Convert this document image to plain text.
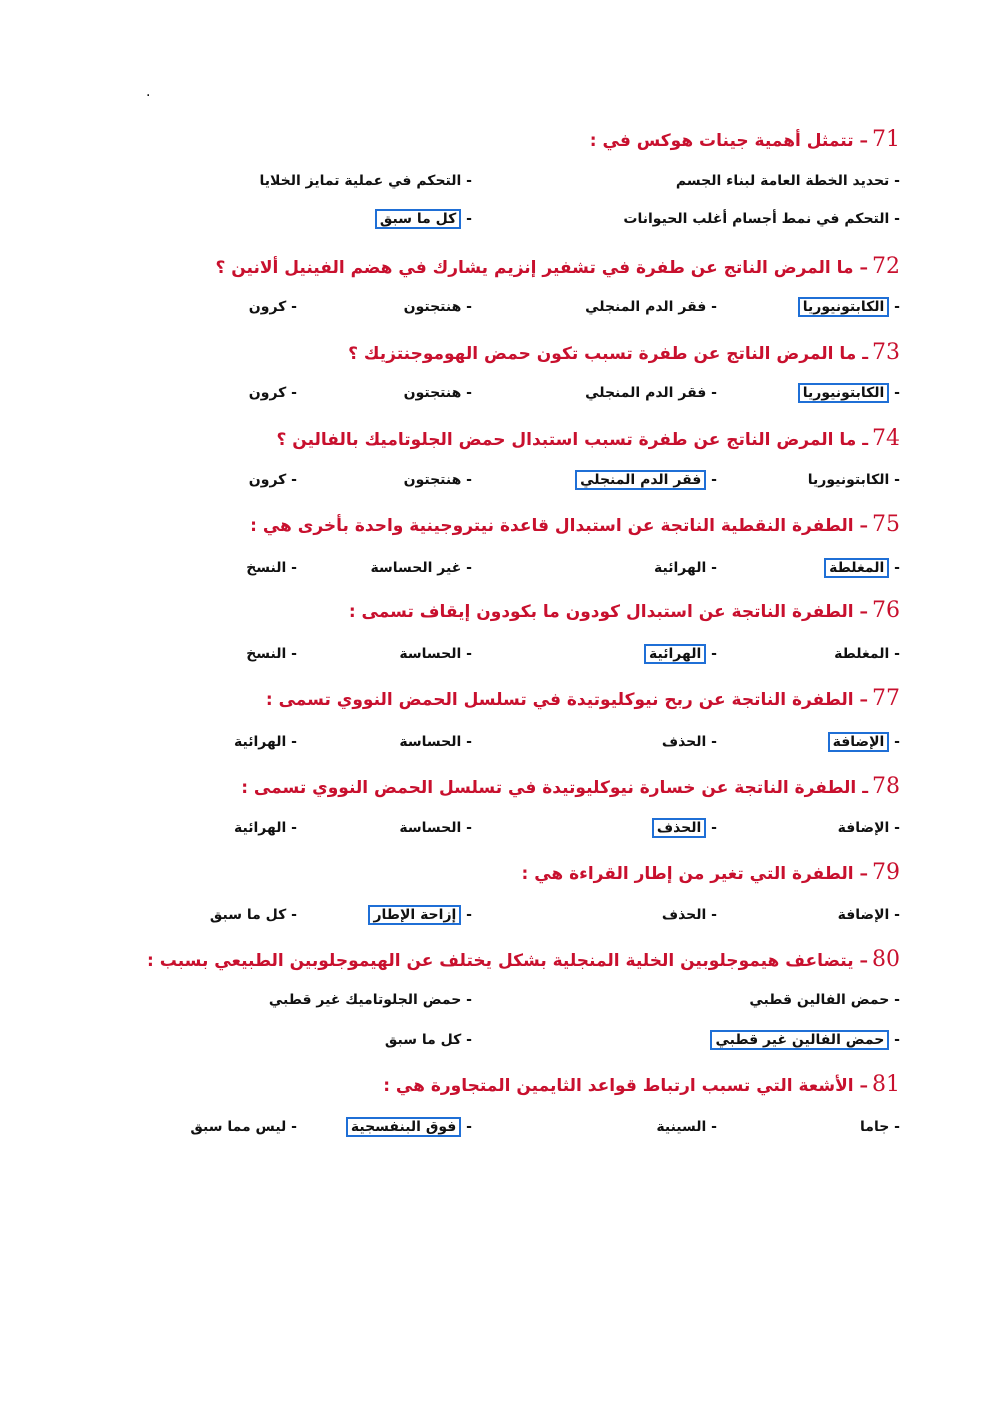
.
71– تتمثل أهمية جينات هوكس في :
- تحديد الخطة العامة لبناء الجسم
- التحكم في عملية تمايز الخلايا
- التحكم في نمط أجسام أغلب الحيوانات
- كل ما سبق
72– ما المرض الناتج عن طفرة في تشفير إنزيم يشارك في هضم الفينيل ألانين ؟
- الكابتونيوريا
- فقر الدم المنجلي
- هنتجتون
- كرون
73ـ ما المرض الناتج عن طفرة تسبب تكون حمض الهوموجنتزيك ؟
- الكابتونيوريا
- فقر الدم المنجلي
- هنتجتون
- كرون
74ـ ما المرض الناتج عن طفرة تسبب استبدال حمض الجلوتاميك بالفالين ؟
- الكابتونيوريا
- فقر الدم المنجلي
- هنتجتون
- كرون
75– الطفرة النقطية الناتجة عن استبدال قاعدة نيتروجينية واحدة بأخرى هي :
- المغلطة
- الهرائية
- غير الحساسة
- النسخ
76– الطفرة الناتجة عن استبدال كودون ما بكودون إيقاف تسمى :
- المغلطة
- الهرائية
- الحساسة
- النسخ
77– الطفرة الناتجة عن ربح نيوكليوتيدة في تسلسل الحمض النووي تسمى :
- الإضافة
- الحذف
- الحساسة
- الهرائية
78ـ الطفرة الناتجة عن خسارة نيوكليوتيدة في تسلسل الحمض النووي تسمى :
- الإضافة
- الحذف
- الحساسة
- الهرائية
79– الطفرة التي تغير من إطار القراءة هي :
- الإضافة
- الحذف
- إزاحة الإطار
- كل ما سبق
80– يتضاعف هيموجلوبين الخلية المنجلية بشكل يختلف عن الهيموجلوبين الطبيعي بسبب :
- حمض الفالين قطبي
- حمض الجلوتاميك غير قطبي
- حمض الفالين غير قطبي
- كل ما سبق
81– الأشعة التي تسبب ارتباط قواعد الثايمين المتجاورة هي :
- جاما
- السينية
- فوق البنفسجية
- ليس مما سبق
